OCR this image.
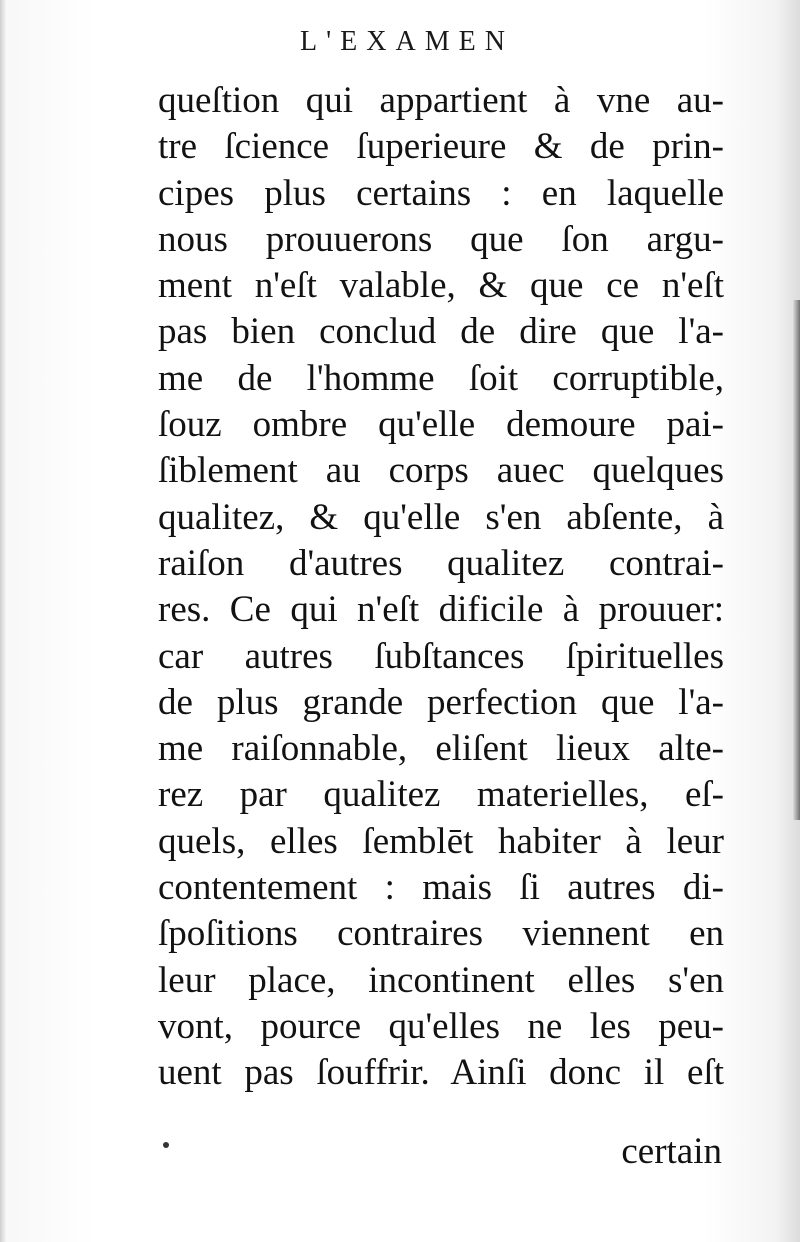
L'EXAMEN
queſtion qui appartient à vne au-
tre ſcience ſuperieure & de prin-
cipes plus certains : en laquelle
nous prouuerons que ſon argu-
ment n'eſt valable, & que ce n'eſt
pas bien conclud de dire que l'a-
me de l'homme ſoit corruptible,
ſouz ombre qu'elle demoure pai-
ſiblement au corps auec quelques
qualitez, & qu'elle s'en abſente, à
raiſon d'autres qualitez contrai-
res. Ce qui n'eſt dificile à prouuer:
car autres ſubſtances ſpirituelles
de plus grande perfection que l'a-
me raiſonnable, eliſent lieux alte-
rez par qualitez materielles, eſ-
quels, elles ſemblēt habiter à leur
contentement : mais ſi autres di-
ſpoſitions contraires viennent en
leur place, incontinent elles s'en
vont, pource qu'elles ne les peu-
uent pas ſouffrir. Ainſi donc il eſt
certain
